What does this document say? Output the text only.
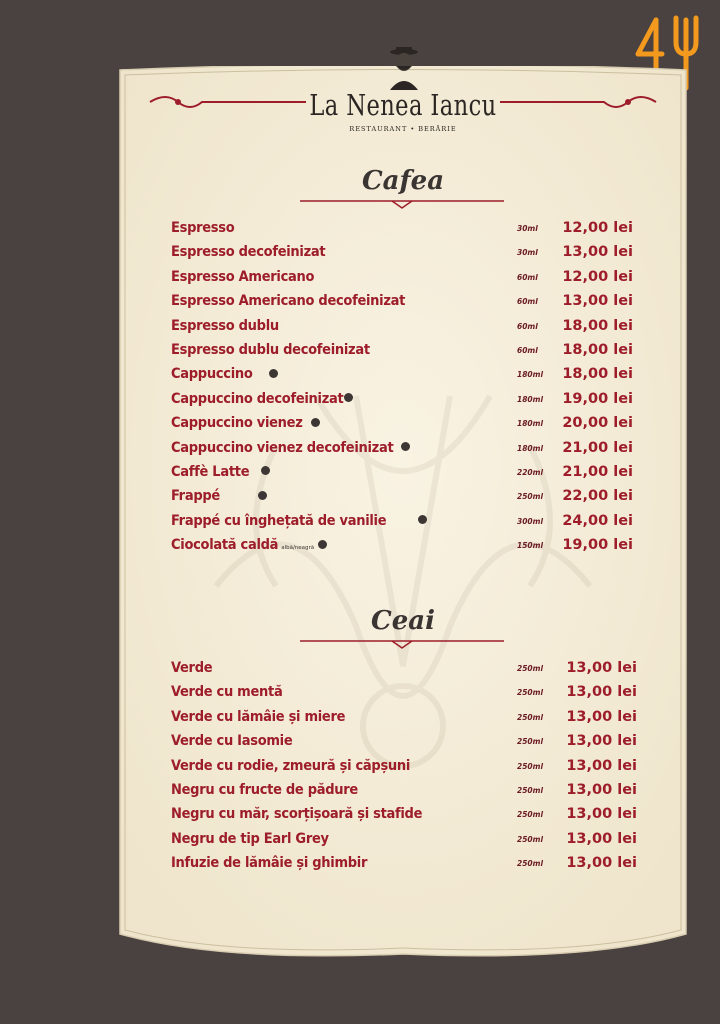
La Nenea Iancu
RESTAURANT • BERĂRIE
Cafea
Espresso	30ml 12,00 lei
Espresso decofeinizat	30ml 13,00 lei
Espresso Americano	60ml 12,00 lei
Espresso Americano decofeinizat	60ml 13,00 lei
Espresso dublu	60ml 18,00 lei
Espresso dublu decofeinizat	60ml 18,00 lei
Cappuccino	180ml 18,00 lei
Cappuccino decofeinizat	180ml 19,00 lei
Cappuccino vienez	180ml 20,00 lei
Cappuccino vienez decofeinizat	180ml 21,00 lei
Caffè Latte	220ml 21,00 lei
Frappé	250ml 22,00 lei
Frappé cu înghețată de vanilie	300ml 24,00 lei
Ciocolată caldă albă/neagră	150ml 19,00 lei
Ceai
Verde	250ml 13,00 lei
Verde cu mentă	250ml 13,00 lei
Verde cu lămâie și miere	250ml 13,00 lei
Verde cu Iasomie	250ml 13,00 lei
Verde cu rodie, zmeură și căpșuni	250ml 13,00 lei
Negru cu fructe de pădure	250ml 13,00 lei
Negru cu măr, scorțișoară și stafide	250ml 13,00 lei
Negru de tip Earl Grey	250ml 13,00 lei
Infuzie de lămâie și ghimbir	250ml 13,00 lei
